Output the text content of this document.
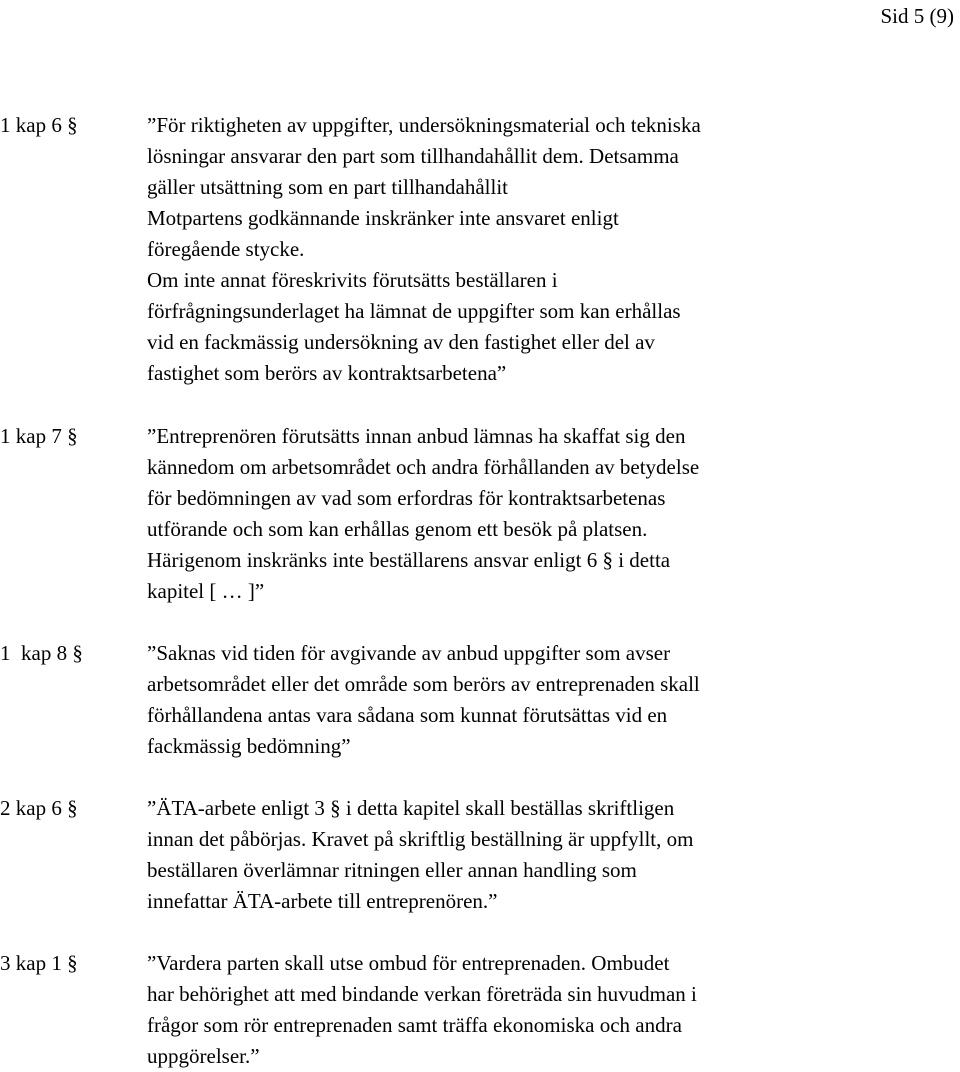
Sid 5 (9)
1 kap 6 §	”För riktigheten av uppgifter, undersökningsmaterial och tekniska
lösningar ansvarar den part som tillhandahållit dem. Detsamma
gäller utsättning som en part tillhandahållit
Motpartens godkännande inskränker inte ansvaret enligt
föregående stycke.
Om inte annat föreskrivits förutsätts beställaren i
förfrågningsunderlaget ha lämnat de uppgifter som kan erhållas
vid en fackmässig undersökning av den fastighet eller del av
fastighet som berörs av kontraktsarbetena”
1 kap 7 §	”Entreprenören förutsätts innan anbud lämnas ha skaffat sig den
kännedom om arbetsområdet och andra förhållanden av betydelse
för bedömningen av vad som erfordras för kontraktsarbetenas
utförande och som kan erhållas genom ett besök på platsen.
Härigenom inskränks inte beställarens ansvar enligt 6 § i detta
kapitel [ … ]”
1  kap 8 §	”Saknas vid tiden för avgivande av anbud uppgifter som avser
arbetsområdet eller det område som berörs av entreprenaden skall
förhållandena antas vara sådana som kunnat förutsättas vid en
fackmässig bedömning”
2 kap 6 §	”ÄTA-arbete enligt 3 § i detta kapitel skall beställas skriftligen
innan det påbörjas. Kravet på skriftlig beställning är uppfyllt, om
beställaren överlämnar ritningen eller annan handling som
innefattar ÄTA-arbete till entreprenören.”
3 kap 1 §	”Vardera parten skall utse ombud för entreprenaden. Ombudet
har behörighet att med bindande verkan företräda sin huvudman i
frågor som rör entreprenaden samt träffa ekonomiska och andra
uppgörelser.”
